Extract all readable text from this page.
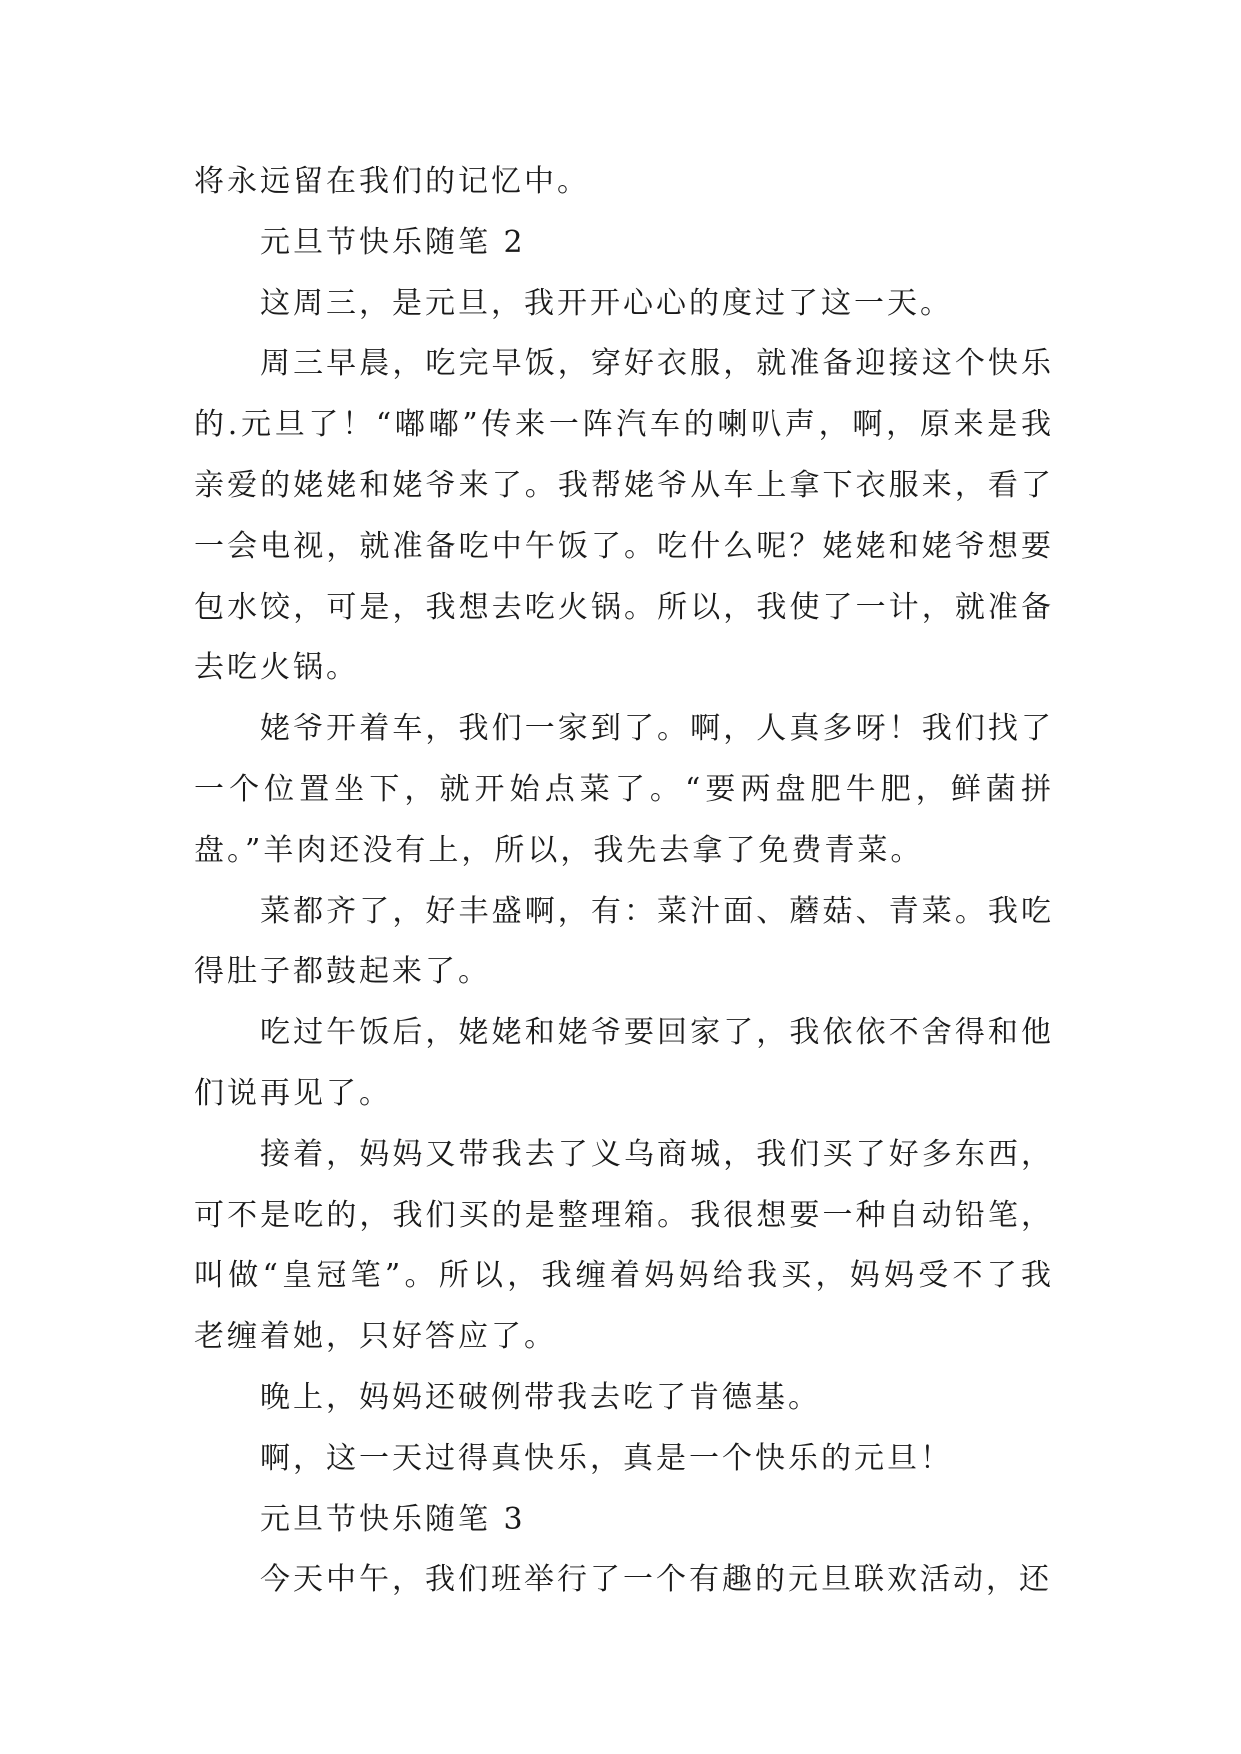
将永远留在我们的记忆中。

元旦节快乐随笔 2

这周三，是元旦，我开开心心的度过了这一天。

周三早晨，吃完早饭，穿好衣服，就准备迎接这个快乐的.元旦了！“嘟嘟”传来一阵汽车的喇叭声，啊，原来是我亲爱的姥姥和姥爷来了。我帮姥爷从车上拿下衣服来，看了一会电视，就准备吃中午饭了。吃什么呢？姥姥和姥爷想要包水饺，可是，我想去吃火锅。所以，我使了一计，就准备去吃火锅。

姥爷开着车，我们一家到了。啊，人真多呀！我们找了一个位置坐下，就开始点菜了。“要两盘肥牛肥，鲜菌拼盘。”羊肉还没有上，所以，我先去拿了免费青菜。

菜都齐了，好丰盛啊，有：菜汁面、蘑菇、青菜。我吃得肚子都鼓起来了。

吃过午饭后，姥姥和姥爷要回家了，我依依不舍得和他们说再见了。

接着，妈妈又带我去了义乌商城，我们买了好多东西，可不是吃的，我们买的是整理箱。我很想要一种自动铅笔，叫做“皇冠笔”。所以，我缠着妈妈给我买，妈妈受不了我老缠着她，只好答应了。

晚上，妈妈还破例带我去吃了肯德基。

啊，这一天过得真快乐，真是一个快乐的元旦！

元旦节快乐随笔 3

今天中午，我们班举行了一个有趣的元旦联欢活动，还
